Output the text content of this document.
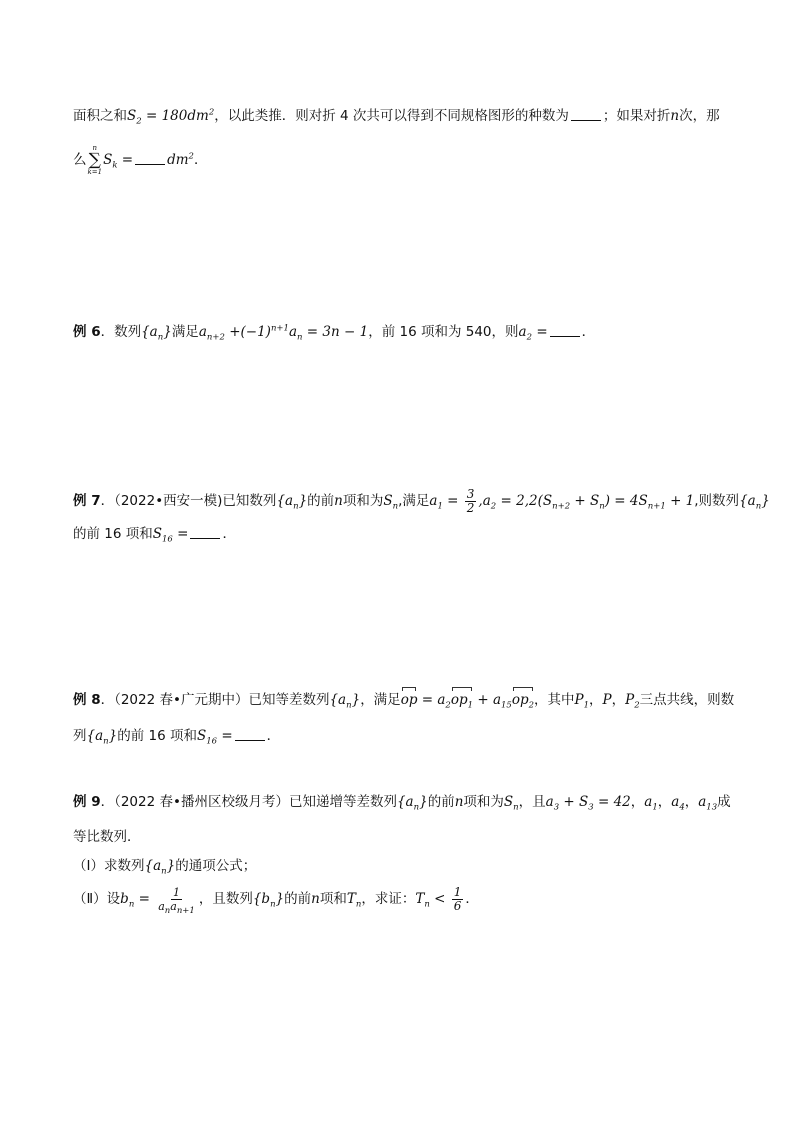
面积之和$S_2 = 180dm^2$，以此类推．则对折 4 次共可以得到不同规格图形的种数为	；如果对折n次，那
么
n
∑
k=1
$S_k$ =	$dm^2$．
例 6．数列$\{a_n\}$满足$a_{n+2} +(-1)^{n+1}a_n = 3n - 1$，前 16 项和为 540，则$a_2$ =	．
例 7．（2022•西安一模)已知数列$\{a_n\}$的前n项和为$S_n$,满足$a_1 = \frac{3}{2} ,a_2 = 2,2(S_{n+2} + S_n) = 4S_{n+1} + 1$,则数列$\{a_n\}$
的前 16 项和$S_{16}$ =	．
例 8．（2022 春•广元期中）已知等差数列$\{a_n\}$，满足op = $a_2op_1 + a_{15}op_2$，其中$P_1$，P，$P_2$三点共线，则数
列$\{a_n\}$的前 16 项和$S_{16}$ =	．
例 9．（2022 春•播州区校级月考）已知递增等差数列$\{a_n\}$的前n项和为$S_n$，且$a_3 + S_3 = 42$，$a_1$，$a_4$，$a_{13}$成
等比数列．
（Ⅰ）求数列$\{a_n\}$的通项公式；
（Ⅱ）设$b_n = \frac{1}{a_na_{n+1}}$ ，且数列$\{b_n\}$的前n项和$T_n$，求证：$T_n < \frac{1}{6}$ ．
